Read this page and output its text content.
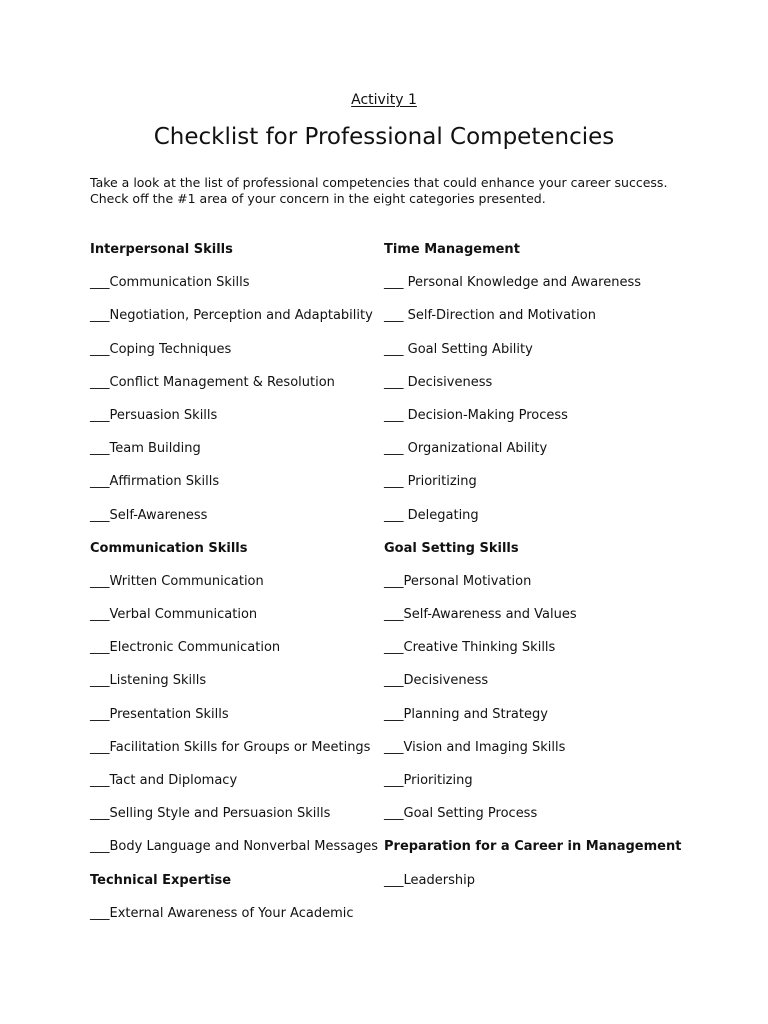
Activity 1
Checklist for Professional Competencies
Take a look at the list of professional competencies that could enhance your career success.
Check off the #1 area of your concern in the eight categories presented.
Interpersonal Skills
___Communication Skills
___Negotiation, Perception and Adaptability
___Coping Techniques
___Conflict Management & Resolution
___Persuasion Skills
___Team Building
___Affirmation Skills
___Self-Awareness
Communication Skills
___Written Communication
___Verbal Communication
___Electronic Communication
___Listening Skills
___Presentation Skills
___Facilitation Skills for Groups or Meetings
___Tact and Diplomacy
___Selling Style and Persuasion Skills
___Body Language and Nonverbal Messages
Technical Expertise
___External Awareness of Your Academic
Time Management
___ Personal Knowledge and Awareness
___ Self-Direction and Motivation
___ Goal Setting Ability
___ Decisiveness
___ Decision-Making Process
___ Organizational Ability
___ Prioritizing
___ Delegating
Goal Setting Skills
___Personal Motivation
___Self-Awareness and Values
___Creative Thinking Skills
___Decisiveness
___Planning and Strategy
___Vision and Imaging Skills
___Prioritizing
___Goal Setting Process
Preparation for a Career in Management
___Leadership
